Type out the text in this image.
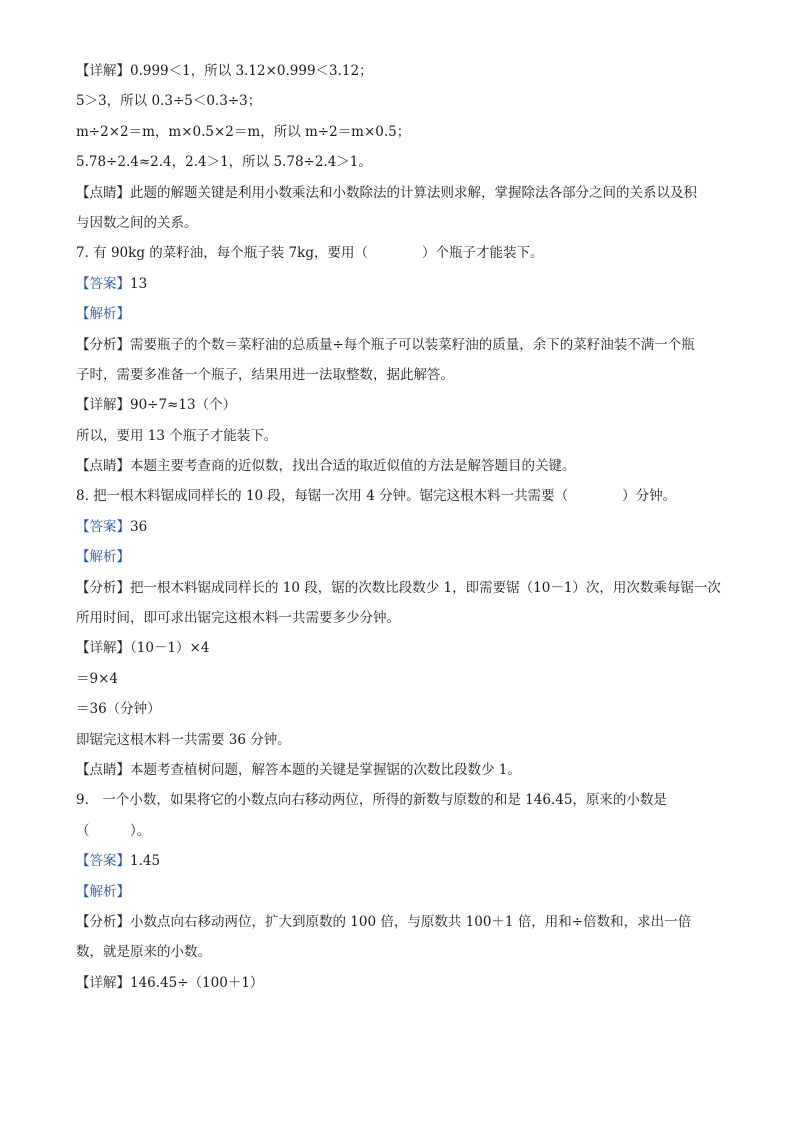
【详解】0.999＜1，所以 3.12×0.999＜3.12；
5＞3，所以 0.3÷5＜0.3÷3；
m÷2×2＝m，m×0.5×2＝m，所以 m÷2＝m×0.5；
5.78÷2.4≈2.4，2.4＞1，所以 5.78÷2.4＞1。
【点睛】此题的解题关键是利用小数乘法和小数除法的计算法则求解，掌握除法各部分之间的关系以及积
与因数之间的关系。
7. 有 90kg 的菜籽油，每个瓶子装 7kg，要用（　　　　）个瓶子才能装下。
【答案】13
【解析】
【分析】需要瓶子的个数＝菜籽油的总质量÷每个瓶子可以装菜籽油的质量，余下的菜籽油装不满一个瓶
子时，需要多准备一个瓶子，结果用进一法取整数，据此解答。
【详解】90÷7≈13（个）
所以，要用 13 个瓶子才能装下。
【点睛】本题主要考查商的近似数，找出合适的取近似值的方法是解答题目的关键。
8. 把一根木料锯成同样长的 10 段，每锯一次用 4 分钟。锯完这根木料一共需要（　　　　）分钟。
【答案】36
【解析】
【分析】把一根木料锯成同样长的 10 段，锯的次数比段数少 1，即需要锯（10－1）次，用次数乘每锯一次
所用时间，即可求出锯完这根木料一共需要多少分钟。
【详解】（10－1）×4
＝9×4
＝36（分钟）
即锯完这根木料一共需要 36 分钟。
【点睛】本题考查植树问题，解答本题的关键是掌握锯的次数比段数少 1。
9.　一个小数，如果将它的小数点向右移动两位，所得的新数与原数的和是 146.45，原来的小数是
（　　　）。
【答案】1.45
【解析】
【分析】小数点向右移动两位，扩大到原数的 100 倍，与原数共 100＋1 倍，用和÷倍数和，求出一倍
数，就是原来的小数。
【详解】146.45÷（100＋1）
